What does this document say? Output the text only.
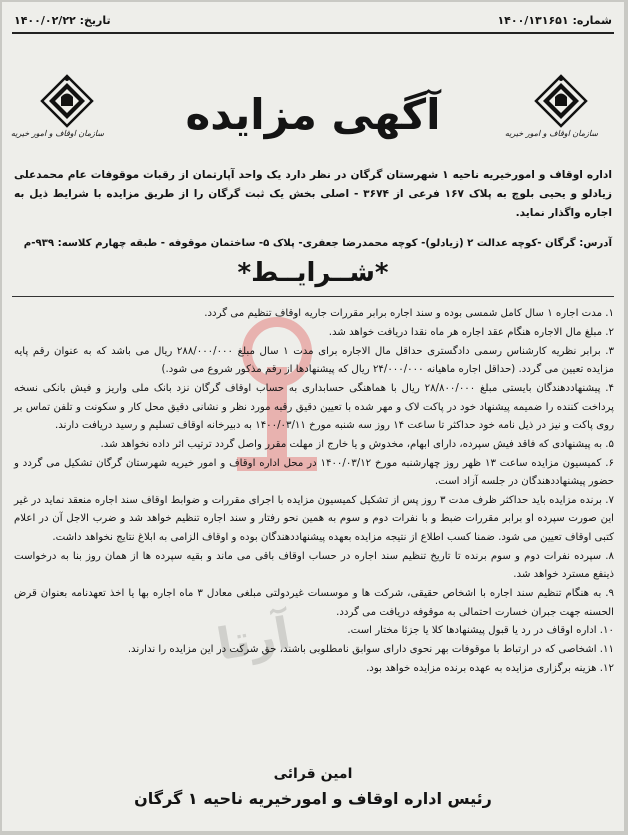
شماره: ۱۴۰۰/۱۳۱۶۵۱
تاریخ: ۱۴۰۰/۰۲/۲۲
سازمان اوقاف و امور خیریه
سازمان اوقاف و امور خیریه	آگهی مزایده
اداره اوقاف و امورخیریه ناحیه ۱ شهرستان گرگان در نظر دارد یک واحد آپارتمان از رقبات موقوفات عام محمدعلی زیادلو و یحیی بلوچ به پلاک ۱۶۷ فرعی از ۳۶۷۴ - اصلی بخش یک ثبت گرگان را از طریق مزایده با شرایط ذیل به اجاره واگذار نماید.
آدرس: گرگان -کوچه عدالت ۲ (زیادلو)- کوچه محمدرضا جعفری- پلاک ۵- ساختمان موقوفه - طبقه چهارم کلاسه: ۹۳۹-م
*شــرایــط*
آرتا
۱. مدت اجاره ۱ سال کامل شمسی بوده و سند اجاره برابر مقررات جاریه اوقاف تنظیم می گردد.
۲. مبلغ مال الاجاره هنگام عقد اجاره هر ماه نقدا دریافت خواهد شد.
۳. برابر نظریه کارشناس رسمی دادگستری حداقل مال الاجاره برای مدت ۱ سال مبلغ ۲۸۸/۰۰۰/۰۰۰ ریال می باشد که به عنوان رقم پایه مزایده تعیین می گردد. (حداقل اجاره ماهیانه ۲۴/۰۰۰/۰۰۰ ریال که پیشنهادها از رقم مذکور شروع می شود.)
۴. پیشنهاددهندگان بایستی مبلغ ۲۸/۸۰۰/۰۰۰ ریال با هماهنگی حسابداری به حساب اوقاف گرگان نزد بانک ملی واریز و فیش بانکی نسخه پرداخت کننده را ضمیمه پیشنهاد خود در پاکت لاک و مهر شده با تعیین دقیق رقبه مورد نظر و نشانی دقیق محل کار و سکونت و تلفن تماس بر روی پاکت و نیز در ذیل نامه خود حداکثر تا ساعت ۱۴ روز سه شنبه مورخ ۱۴۰۰/۰۳/۱۱ به دبیرخانه اوقاف تسلیم و رسید دریافت دارند.
۵. به پیشنهادی که فاقد فیش سپرده، دارای ابهام، مخدوش و یا خارج از مهلت مقرر واصل گردد ترتیب اثر داده نخواهد شد.
۶. کمیسیون مزایده ساعت ۱۳ ظهر روز چهارشنبه مورخ ۱۴۰۰/۰۳/۱۲ در محل اداره اوقاف و امور خیریه شهرستان گرگان تشکیل می گردد و حضور پیشنهاددهندگان در جلسه آزاد است.
۷. برنده مزایده باید حداکثر ظرف مدت ۳ روز پس از تشکیل کمیسیون مزایده با اجرای مقررات و ضوابط اوقاف سند اجاره منعقد نماید در غیر این صورت سپرده او برابر مقررات ضبط و با نفرات دوم و سوم به همین نحو رفتار و سند اجاره تنظیم خواهد شد و ضرب الاجل آن در اعلام کتبی اوقاف تعیین می شود. ضمنا کسب اطلاع از نتیجه مزایده بعهده پیشنهاددهندگان بوده و اوقاف الزامی به ابلاغ نتایج نخواهد داشت.
۸. سپرده نفرات دوم و سوم برنده تا تاریخ تنظیم سند اجاره در حساب اوقاف باقی می ماند و بقیه سپرده ها از همان روز بنا به درخواست ذینفع مسترد خواهد شد.
۹. به هنگام تنظیم سند اجاره با اشخاص حقیقی، شرکت ها و موسسات غیردولتی مبلغی معادل ۳ ماه اجاره بها یا اخذ تعهدنامه بعنوان قرض الحسنه جهت جبران خسارت احتمالی به موقوفه دریافت می گردد.
۱۰. اداره اوقاف در رد یا قبول پیشنهادها کلا یا جزئا مختار است.
۱۱. اشخاصی که در ارتباط با موقوفات بهر نحوی دارای سوابق نامطلوبی باشند، حق شرکت در این مزایده را ندارند.
۱۲. هزینه برگزاری مزایده به عهده برنده مزایده خواهد بود.
امین قرائی
رئیس اداره اوقاف و امورخیریه ناحیه ۱ گرگان
